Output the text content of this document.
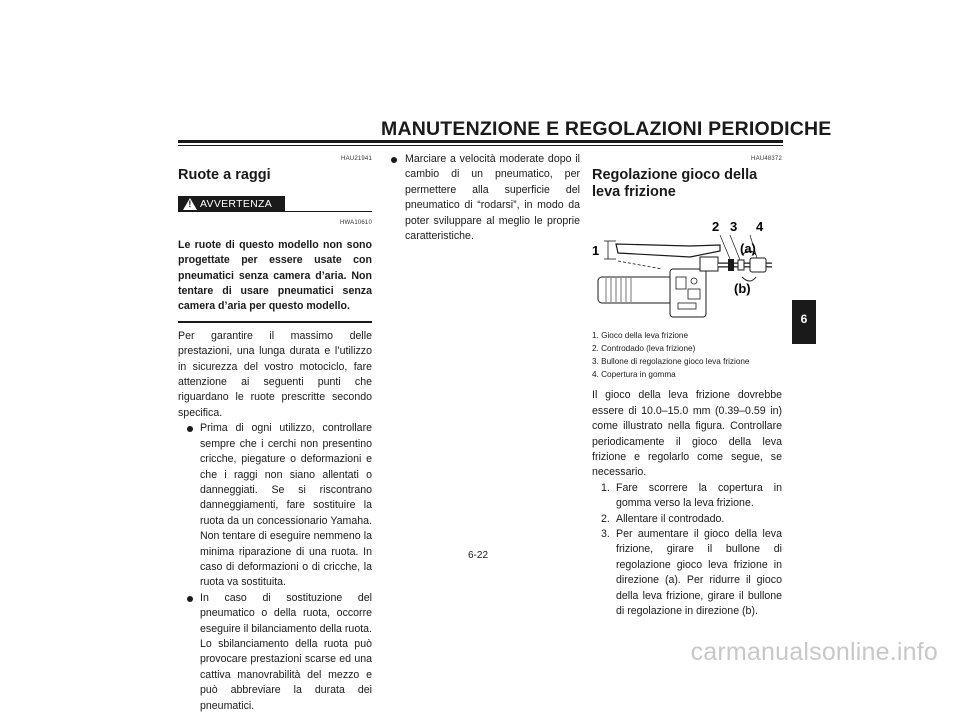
MANUTENZIONE E REGOLAZIONI PERIODICHE
HAU21941
Ruote a raggi
! AVVERTENZA
HWA10610

Le ruote di questo modello non sono progettate per essere usate con pneumatici senza camera d’aria. Non tentare di usare pneumatici senza camera d’aria per questo modello.

Per garantire il massimo delle prestazioni, una lunga durata e l’utilizzo in sicurezza del vostro motociclo, fare attenzione ai seguenti punti che riguardano le ruote prescritte secondo specifica.

Prima di ogni utilizzo, controllare sempre che i cerchi non presentino cricche, piegature o deformazioni e che i raggi non siano allentati o danneggiati. Se si riscontrano danneggiamenti, fare sostituire la ruota da un concessionario Yamaha. Non tentare di eseguire nemmeno la minima riparazione di una ruota. In caso di deformazioni o di cricche, la ruota va sostituita.

In caso di sostituzione del pneumatico o della ruota, occorre eseguire il bilanciamento della ruota. Lo sbilanciamento della ruota può provocare prestazioni scarse ed una cattiva manovrabilità del mezzo e può abbreviare la durata dei pneumatici.

Marciare a velocità moderate dopo il cambio di un pneumatico, per permettere alla superficie del pneumatico di “rodarsi”, in modo da poter sviluppare al meglio le proprie caratteristiche.

HAU48372
Regolazione gioco della leva frizione
1
2 3 4
(a)
(b)
1. Gioco della leva frizione
2. Controdado (leva frizione)
3. Bullone di regolazione gioco leva frizione
4. Copertura in gomma

Il gioco della leva frizione dovrebbe essere di 10.0–15.0 mm (0.39–0.59 in) come illustrato nella figura. Controllare periodicamente il gioco della leva frizione e regolarlo come segue, se necessario.

1. Fare scorrere la copertura in gomma verso la leva frizione.

2. Allentare il controdado.

3. Per aumentare il gioco della leva frizione, girare il bullone di regolazione gioco leva frizione in direzione (a). Per ridurre il gioco della leva frizione, girare il bullone di regolazione in direzione (b).

6
6-22
carmanualsonline.info
